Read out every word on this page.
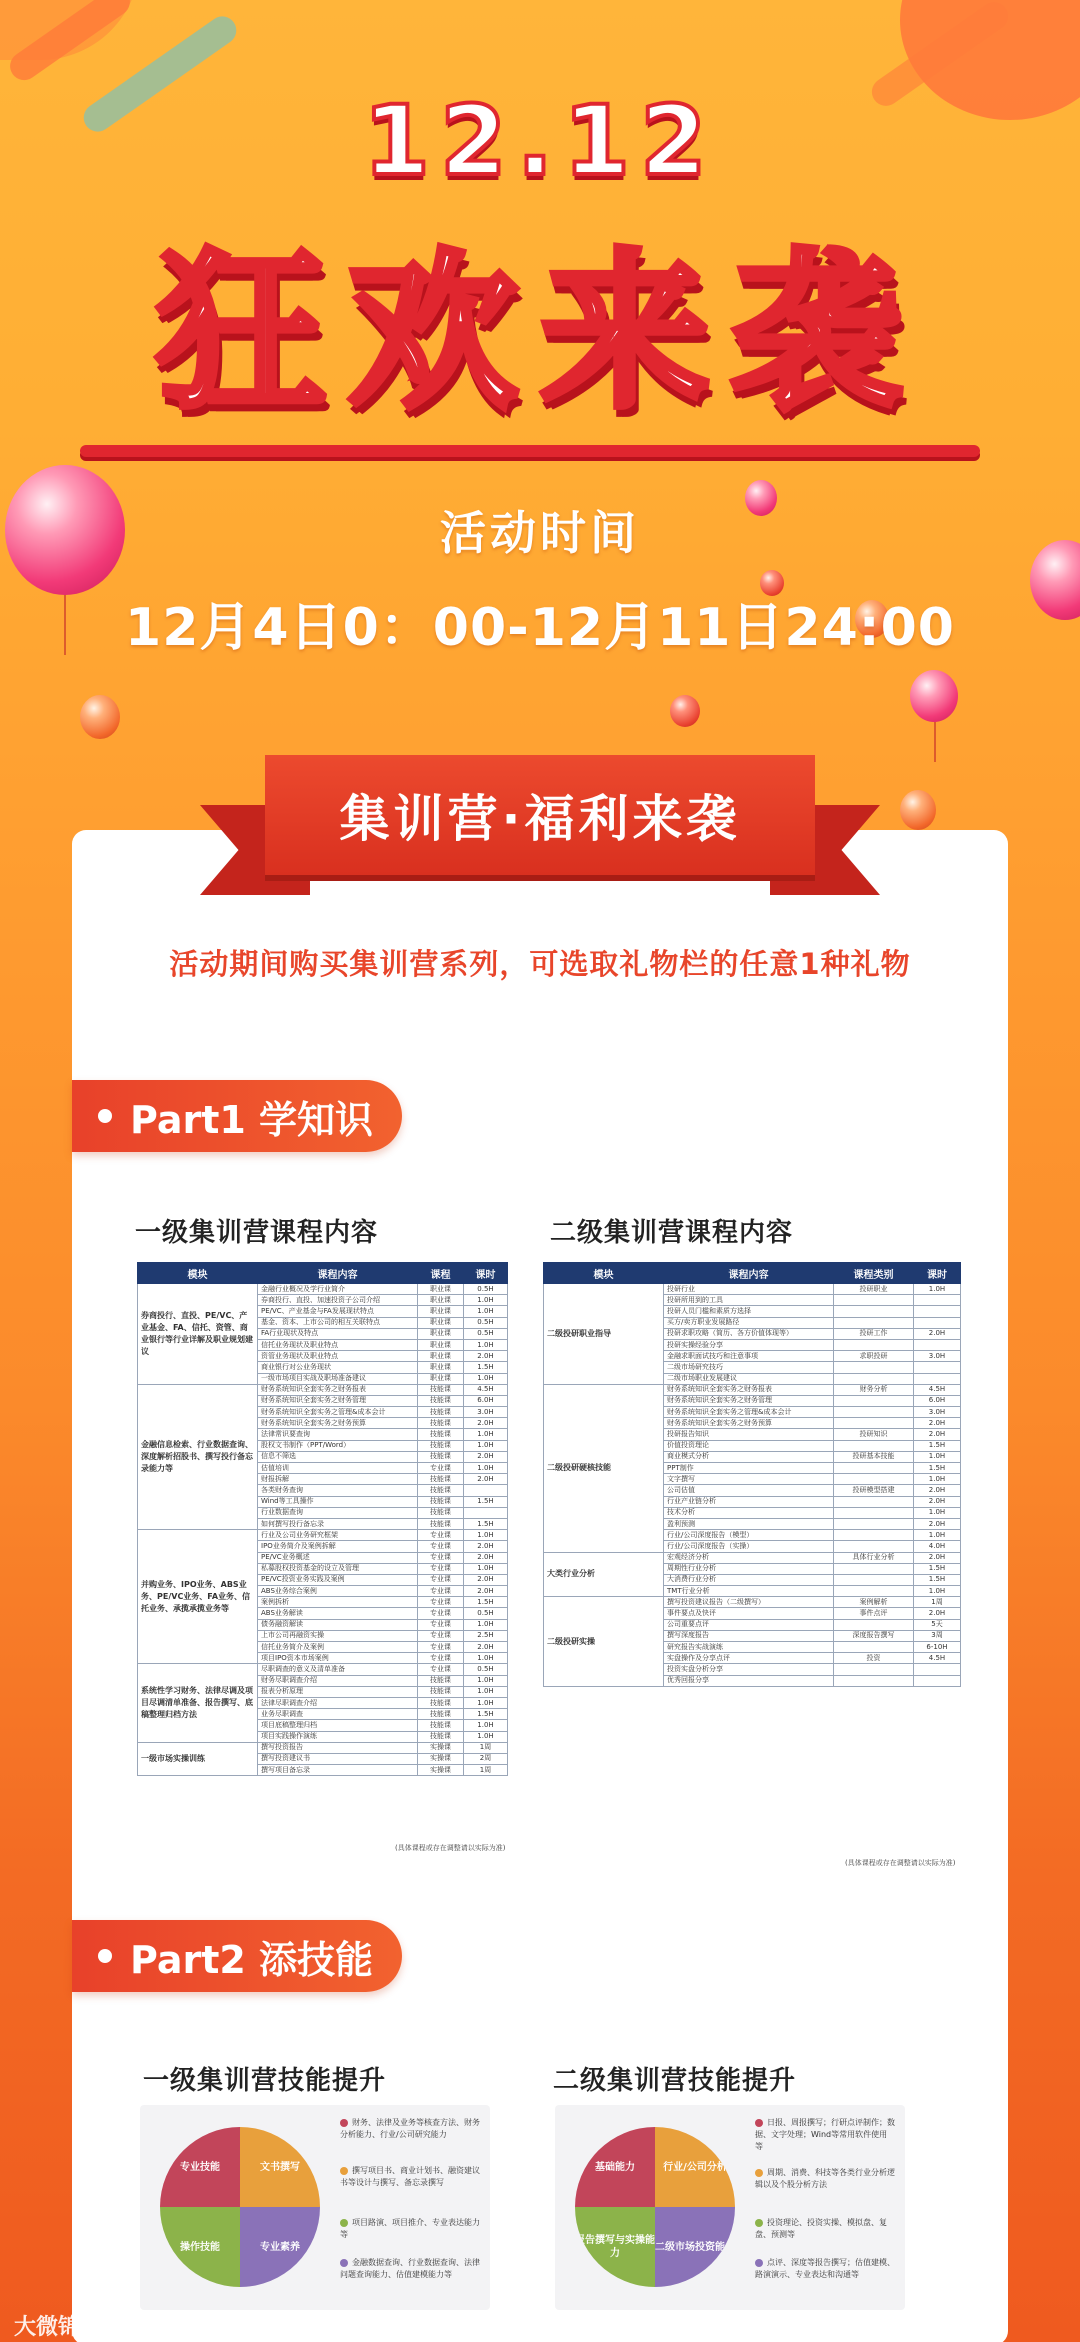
12.12
狂欢来袭
活动时间
12月4日0：00-12月11日24:00
集训营·福利来袭
活动期间购买集训营系列，可选取礼物栏的任意1种礼物
Part1 学知识
一级集训营课程内容	二级集训营课程内容
模块	课程内容	课程	课时
券商投行、直投、PE/VC、产业基金、FA、信托、资管、商业银行等行业详解及职业规划建议	金融行业概况及学行业简介	职业课	0.5H
	券商投行、直投、加速投资子公司介绍	职业课	1.0H
	PE/VC、产业基金与FA发展现状特点	职业课	1.0H
	基金、资本、上市公司的相互关联特点	职业课	0.5H
	FA行业现状及特点	职业课	0.5H
	信托业务现状及职业特点	职业课	1.0H
	资管业务现状及职业特点	职业课	2.0H
	商业银行对公业务现状	职业课	1.5H
	一级市场项目实战及职场准备建议	职业课	1.0H
金融信息检索、行业数据查询、深度解析招股书、撰写投行备忘录能力等	财务系统知识全套实务之财务报表	技能课	4.5H
	财务系统知识全套实务之财务管理	技能课	6.0H
	财务系统知识全套实务之管理&成本会计	技能课	3.0H
	财务系统知识全套实务之财务预算	技能课	2.0H
	法律常识要查询	技能课	1.0H
	股权文书制作（PPT/Word）	技能课	1.0H
	信息不筛选	技能课	2.0H
	估值培训	专业课	1.0H
	财报拆解	技能课	2.0H
	各类财务查询	技能课	
	Wind等工具操作	技能课	1.5H
	行业数据查询	技能课	
	如何撰写投行备忘录	技能课	1.5H
并购业务、IPO业务、ABS业务、PE/VC业务、FA业务、信托业务、承揽承揽业务等	行业及公司业务研究框架	专业课	1.0H
	IPO业务简介及案例拆解	专业课	2.0H
	PE/VC业务概述	专业课	2.0H
	私募股权投资基金的设立及管理	专业课	1.0H
	PE/VC投资业务实践及案例	专业课	2.0H
	ABS业务综合案例	专业课	2.0H
	案例拆析	专业课	1.5H
	ABS业务解读	专业课	0.5H
	债务融资解读	专业课	1.0H
	上市公司再融资实操	专业课	2.5H
	信托业务简介及案例	专业课	2.0H
	项目IPO资本市场案例	专业课	1.0H
系统性学习财务、法律尽调及项目尽调清单准备、报告撰写、底稿整理归档方法	尽职调查的意义及清单准备	专业课	0.5H
	财务尽职调查介绍	技能课	1.0H
	报表分析原理	技能课	1.0H
	法律尽职调查介绍	技能课	1.0H
	业务尽职调查	技能课	1.5H
	项目底稿整理归档	技能课	1.0H
	项目实践操作演练	技能课	1.0H
一级市场实操训练	撰写投资报告	实操课	1周
	撰写投资建议书	实操课	2周
	撰写项目备忘录	实操课	1周
(具体课程或存在调整请以实际为准)
模块	课程内容	课程类别	课时
二级投研职业指导	投研行业	投研职业	1.0H
	投研所用到的工具		
	投研人员门槛和素质方选择		
	买方/卖方职业发展路径		
	投研求职攻略（简历、各方价值体现等）	投研工作	2.0H
	投研实操经验分享		
	金融求职面试技巧和注意事项	求职投研	3.0H
	二级市场研究技巧		
	二级市场职业发展建议		
二级投研硬核技能	财务系统知识全套实务之财务报表	财务分析	4.5H
	财务系统知识全套实务之财务管理		6.0H
	财务系统知识全套实务之管理&成本会计		3.0H
	财务系统知识全套实务之财务预算		2.0H
	投研报告知识	投研知识	2.0H
	价值投资理论		1.5H
	商业模式分析	投研基本技能	1.0H
	PPT制作		1.5H
	文字撰写		1.0H
	公司估值	投研模型搭建	2.0H
	行业产业链分析		2.0H
	技术分析		1.0H
	盈利预测		2.0H
	行业/公司深度报告（模型）		1.0H
	行业/公司深度报告（实操）		4.0H
大类行业分析	宏观经济分析	具体行业分析	2.0H
	周期性行业分析		1.5H
	大消费行业分析		1.5H
	TMT行业分析		1.0H
二级投研实操	撰写投资建议报告（二级撰写）	案例解析	1周
	事件要点及快评	事件点评	2.0H
	公司重要点评		5天
	撰写深度报告	深度报告撰写	3周
	研究报告实战演练		6-10H
	实盘操作及分享点评	投资	4.5H
	投资实盘分析分享		
	优秀回报分享		
(具体课程或存在调整请以实际为准)
Part2 添技能
一级集训营技能提升	二级集训营技能提升
专业技能	文书撰写
操作技能	专业素养
财务、法律及业务等核查方法、财务分析能力、行业/公司研究能力
撰写项目书、商业计划书、融资建议书等设计与撰写、备忘录撰写
项目路演、项目推介、专业表达能力等
金融数据查询、行业数据查询、法律问题查询能力、估值建模能力等
基础能力	行业/公司分析
报告撰写与实操能力
二级市场投资能力
日报、周报撰写；行研点评制作；数据、文字处理；Wind等常用软件使用等
周期、消费、科技等各类行业分析逻辑以及个股分析方法
投资理论、投资实操、模拟盘、复盘、预测等
点评、深度等报告撰写；估值建模、路演演示、专业表达和沟通等
大微锦囊
